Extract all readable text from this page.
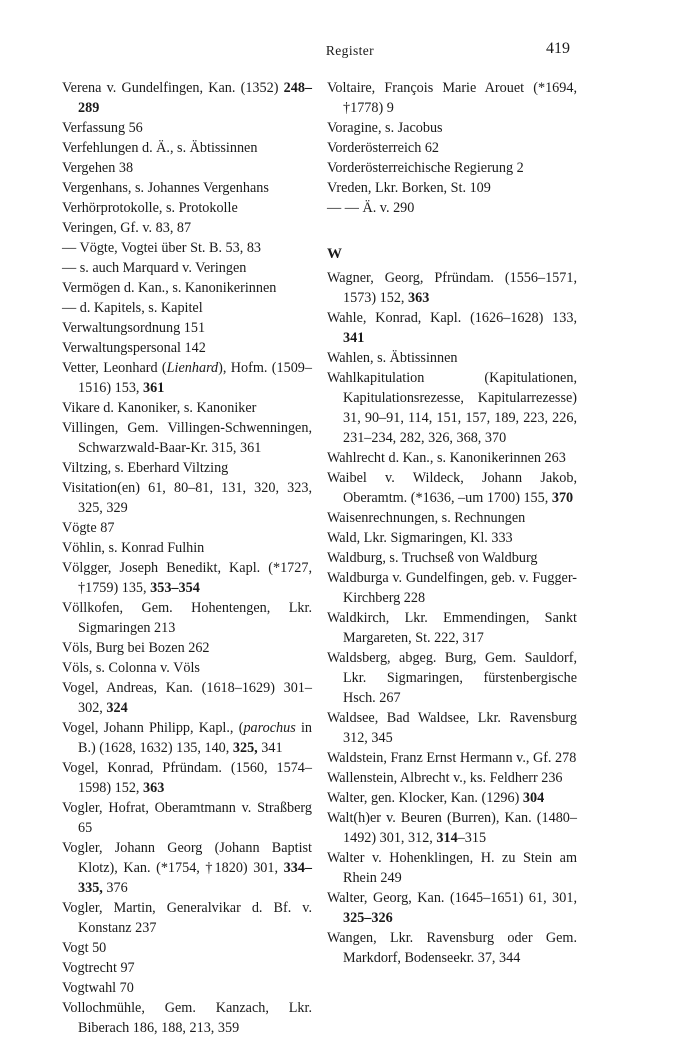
Register	419
Verena v. Gundelfingen, Kan. (1352) 248–289
Verfassung 56
Verfehlungen d. Ä., s. Äbtissinnen
Vergehen 38
Vergenhans, s. Johannes Vergenhans
Verhörprotokolle, s. Protokolle
Veringen, Gf. v. 83, 87
— Vögte, Vogtei über St. B. 53, 83
— s. auch Marquard v. Veringen
Vermögen d. Kan., s. Kanonikerinnen
— d. Kapitels, s. Kapitel
Verwaltungsordnung 151
Verwaltungspersonal 142
Vetter, Leonhard (Lienhard), Hofm. (1509–1516) 153, 361
Vikare d. Kanoniker, s. Kanoniker
Villingen, Gem. Villingen-Schwenningen, Schwarzwald-Baar-Kr. 315, 361
Viltzing, s. Eberhard Viltzing
Visitation(en) 61, 80–81, 131, 320, 323, 325, 329
Vögte 87
Vöhlin, s. Konrad Fulhin
Völgger, Joseph Benedikt, Kapl. (*1727, †1759) 135, 353–354
Völlkofen, Gem. Hohentengen, Lkr. Sigmaringen 213
Völs, Burg bei Bozen 262
Völs, s. Colonna v. Völs
Vogel, Andreas, Kan. (1618–1629) 301–302, 324
Vogel, Johann Philipp, Kapl., (parochus in B.) (1628, 1632) 135, 140, 325, 341
Vogel, Konrad, Pfründam. (1560, 1574–1598) 152, 363
Vogler, Hofrat, Oberamtmann v. Straßberg 65
Vogler, Johann Georg (Johann Baptist Klotz), Kan. (*1754, †1820) 301, 334–335, 376
Vogler, Martin, Generalvikar d. Bf. v. Konstanz 237
Vogt 50
Vogtrecht 97
Vogtwahl 70
Vollochmühle, Gem. Kanzach, Lkr. Biberach 186, 188, 213, 359
Voltaire, François Marie Arouet (*1694, †1778) 9
Voragine, s. Jacobus
Vorderösterreich 62
Vorderösterreichische Regierung 2
Vreden, Lkr. Borken, St. 109
— — Ä. v. 290
W
Wagner, Georg, Pfründam. (1556–1571, 1573) 152, 363
Wahle, Konrad, Kapl. (1626–1628) 133, 341
Wahlen, s. Äbtissinnen
Wahlkapitulation (Kapitulationen, Kapitulationsrezesse, Kapitularrezesse) 31, 90–91, 114, 151, 157, 189, 223, 226, 231–234, 282, 326, 368, 370
Wahlrecht d. Kan., s. Kanonikerinnen 263
Waibel v. Wildeck, Johann Jakob, Oberamtm. (*1636, –um 1700) 155, 370
Waisenrechnungen, s. Rechnungen
Wald, Lkr. Sigmaringen, Kl. 333
Waldburg, s. Truchseß von Waldburg
Waldburga v. Gundelfingen, geb. v. Fugger-Kirchberg 228
Waldkirch, Lkr. Emmendingen, Sankt Margareten, St. 222, 317
Waldsberg, abgeg. Burg, Gem. Sauldorf, Lkr. Sigmaringen, fürstenbergische Hsch. 267
Waldsee, Bad Waldsee, Lkr. Ravensburg 312, 345
Waldstein, Franz Ernst Hermann v., Gf. 278
Wallenstein, Albrecht v., ks. Feldherr 236
Walter, gen. Klocker, Kan. (1296) 304
Walt(h)er v. Beuren (Burren), Kan. (1480–1492) 301, 312, 314–315
Walter v. Hohenklingen, H. zu Stein am Rhein 249
Walter, Georg, Kan. (1645–1651) 61, 301, 325–326
Wangen, Lkr. Ravensburg oder Gem. Markdorf, Bodenseekr. 37, 344
